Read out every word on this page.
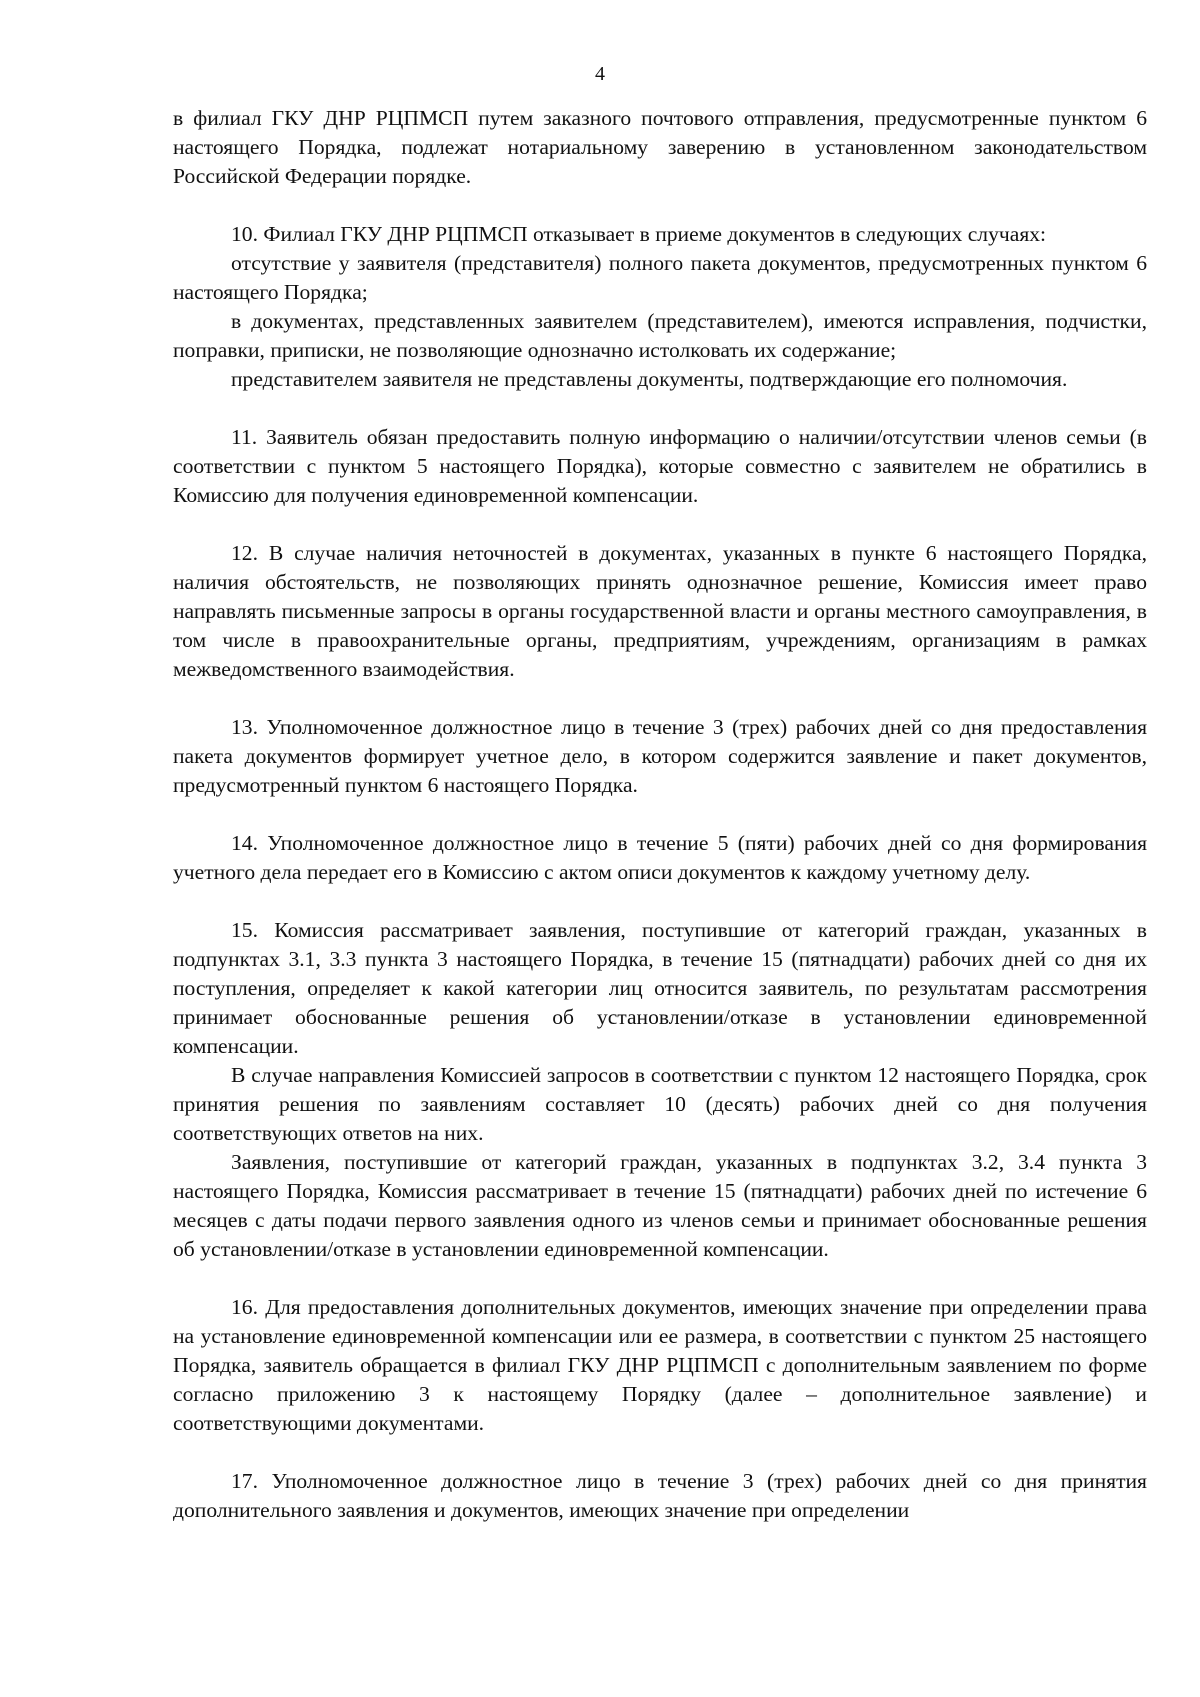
4

в филиал ГКУ ДНР РЦПМСП путем заказного почтового отправления, предусмотренные пунктом 6 настоящего Порядка, подлежат нотариальному заверению в установленном законодательством Российской Федерации порядке.

10. Филиал ГКУ ДНР РЦПМСП отказывает в приеме документов в следующих случаях:

отсутствие у заявителя (представителя) полного пакета документов, предусмотренных пунктом 6 настоящего Порядка;

в документах, представленных заявителем (представителем), имеются исправления, подчистки, поправки, приписки, не позволяющие однозначно истолковать их содержание;

представителем заявителя не представлены документы, подтверждающие его полномочия.

11. Заявитель обязан предоставить полную информацию о наличии/отсутствии членов семьи (в соответствии с пунктом 5 настоящего Порядка), которые совместно с заявителем не обратились в Комиссию для получения единовременной компенсации.

12. В случае наличия неточностей в документах, указанных в пункте 6 настоящего Порядка, наличия обстоятельств, не позволяющих принять однозначное решение, Комиссия имеет право направлять письменные запросы в органы государственной власти и органы местного самоуправления, в том числе в правоохранительные органы, предприятиям, учреждениям, организациям в рамках межведомственного взаимодействия.

13. Уполномоченное должностное лицо в течение 3 (трех) рабочих дней со дня предоставления пакета документов формирует учетное дело, в котором содержится заявление и пакет документов, предусмотренный пунктом 6 настоящего Порядка.

14. Уполномоченное должностное лицо в течение 5 (пяти) рабочих дней со дня формирования учетного дела передает его в Комиссию с актом описи документов к каждому учетному делу.

15. Комиссия рассматривает заявления, поступившие от категорий граждан, указанных в подпунктах 3.1, 3.3 пункта 3 настоящего Порядка, в течение 15 (пятнадцати) рабочих дней со дня их поступления, определяет к какой категории лиц относится заявитель, по результатам рассмотрения принимает обоснованные решения об установлении/отказе в установлении единовременной компенсации.

В случае направления Комиссией запросов в соответствии с пунктом 12 настоящего Порядка, срок принятия решения по заявлениям составляет 10 (десять) рабочих дней со дня получения соответствующих ответов на них.

Заявления, поступившие от категорий граждан, указанных в подпунктах 3.2, 3.4 пункта 3 настоящего Порядка, Комиссия рассматривает в течение 15 (пятнадцати) рабочих дней по истечение 6 месяцев с даты подачи первого заявления одного из членов семьи и принимает обоснованные решения об установлении/отказе в установлении единовременной компенсации.

16. Для предоставления дополнительных документов, имеющих значение при определении права на установление единовременной компенсации или ее размера, в соответствии с пунктом 25 настоящего Порядка, заявитель обращается в филиал ГКУ ДНР РЦПМСП с дополнительным заявлением по форме согласно приложению 3 к настоящему Порядку (далее – дополнительное заявление) и соответствующими документами.

17. Уполномоченное должностное лицо в течение 3 (трех) рабочих дней со дня принятия дополнительного заявления и документов, имеющих значение при определении
